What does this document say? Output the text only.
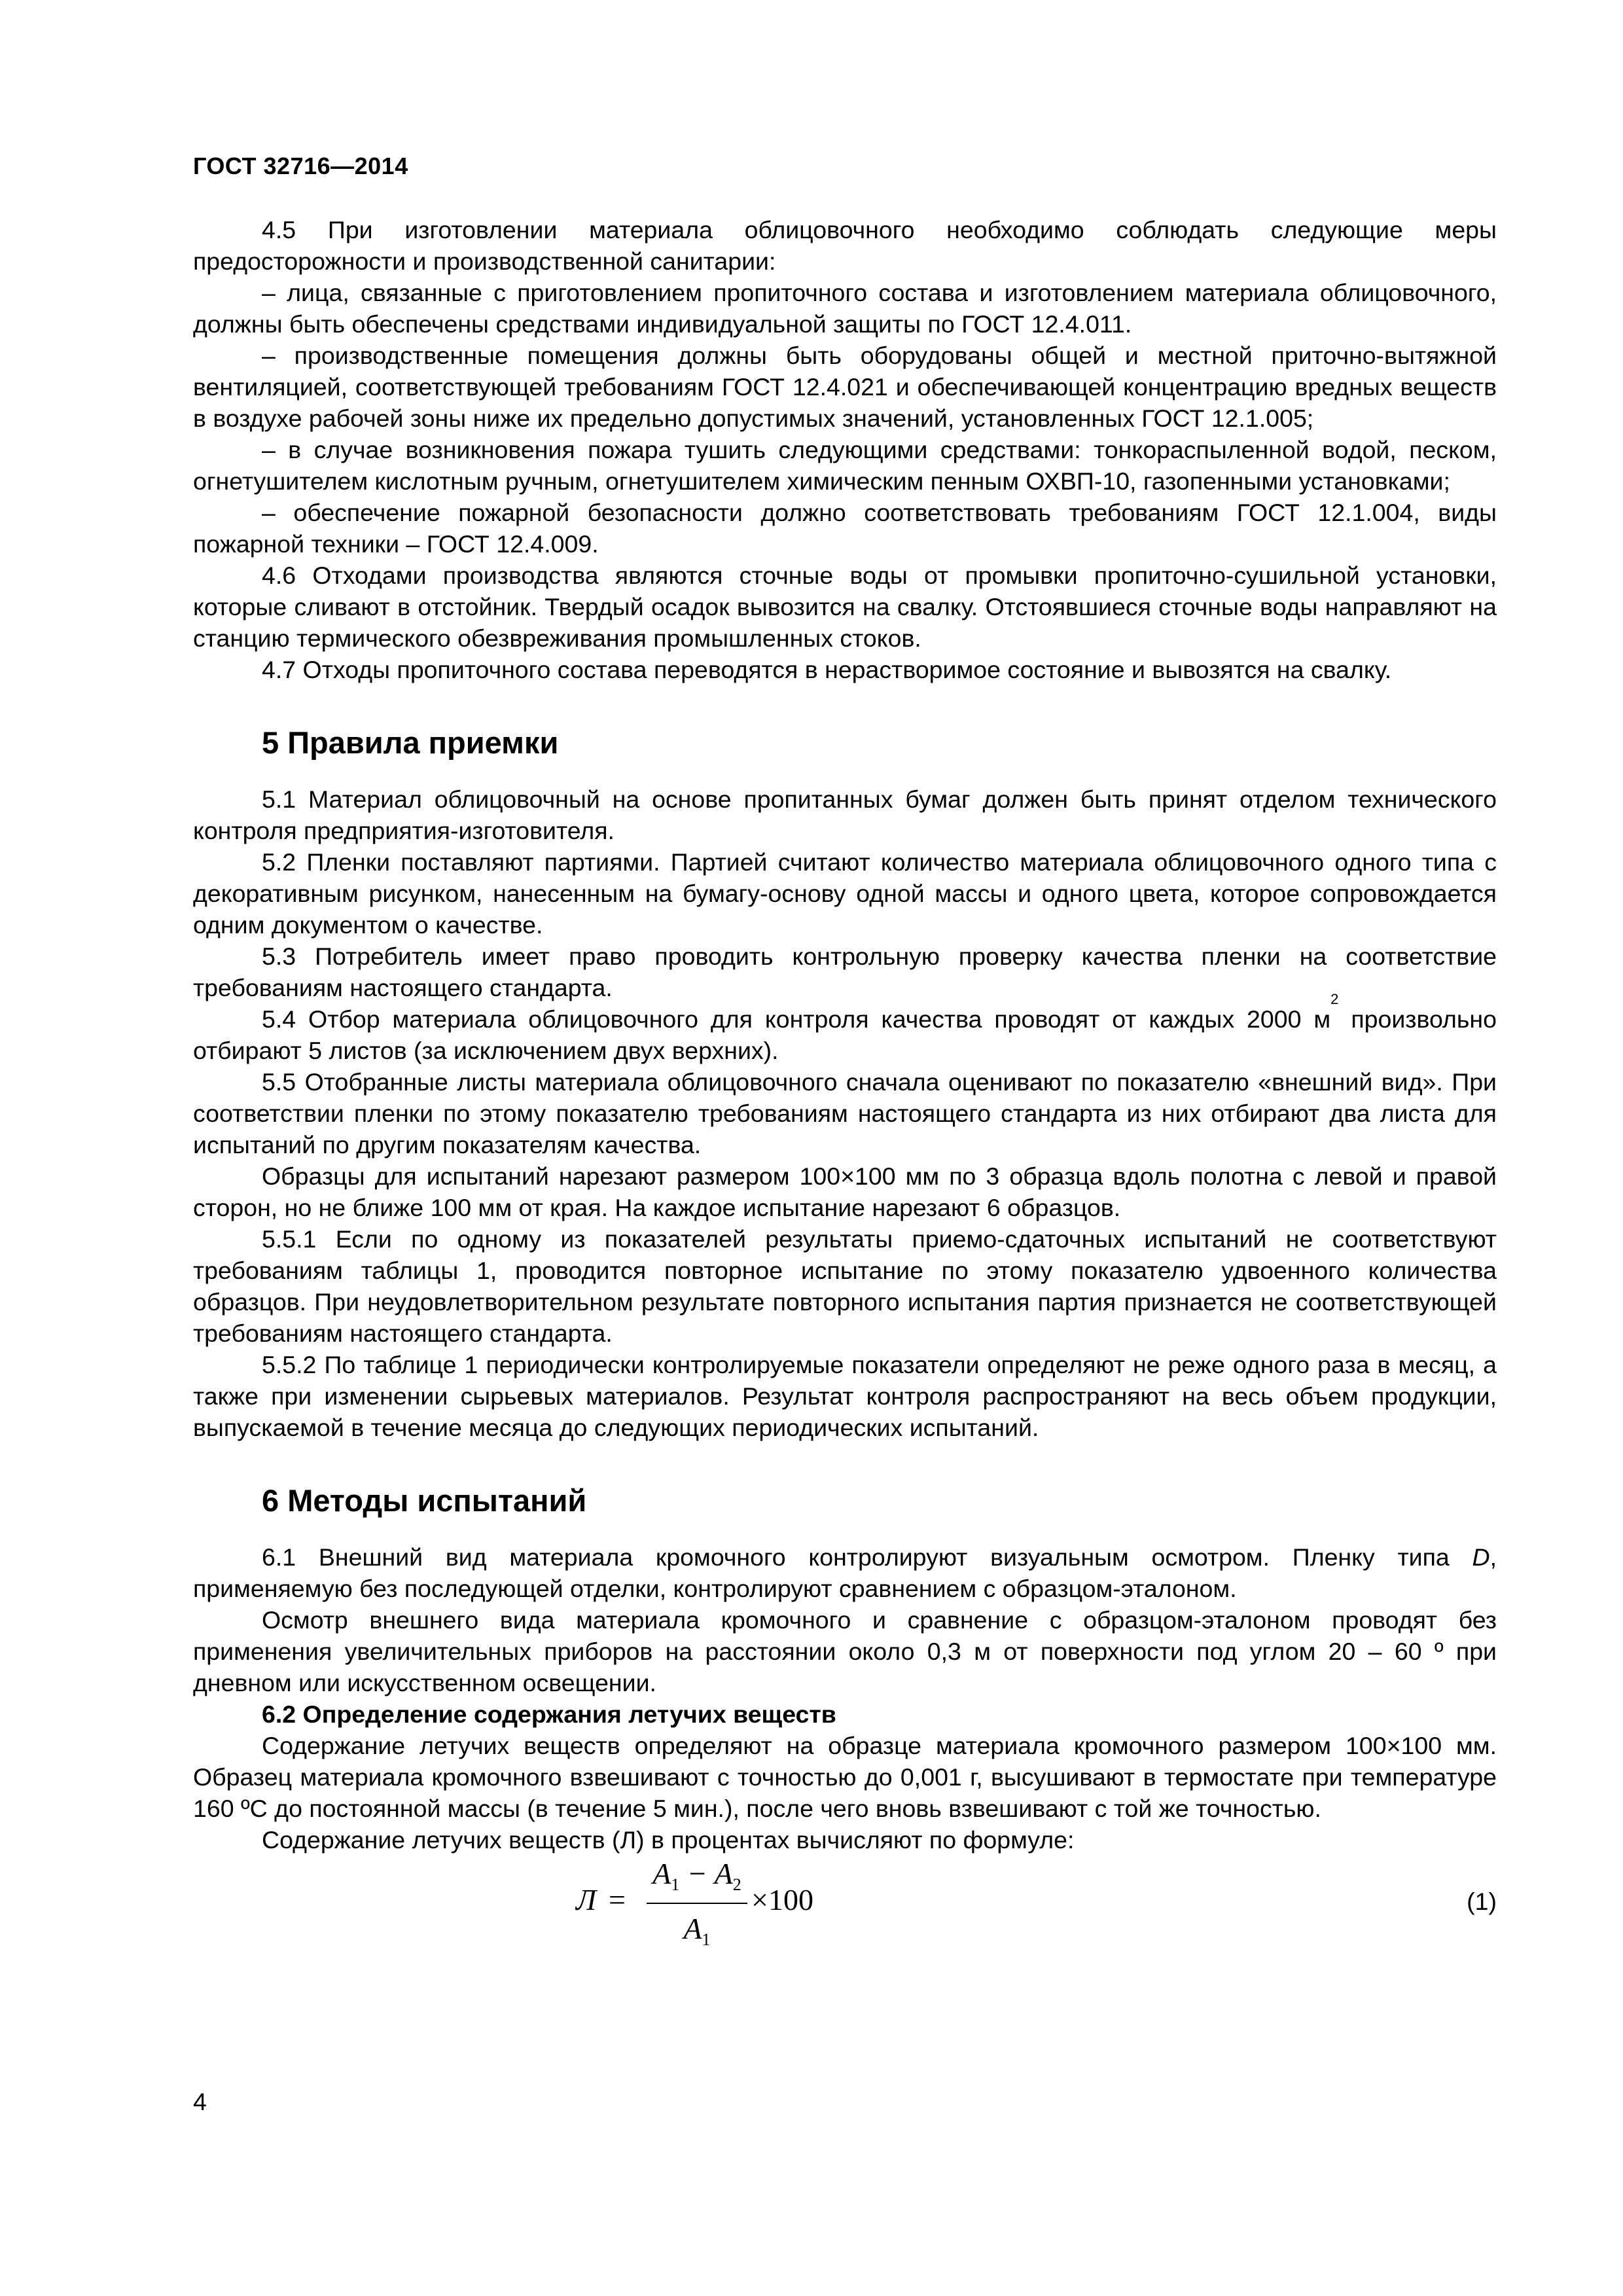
ГОСТ 32716—2014

4.5 При изготовлении материала облицовочного необходимо соблюдать следующие меры предосторожности и производственной санитарии:

– лица, связанные с приготовлением пропиточного состава и изготовлением материала облицовочного, должны быть обеспечены средствами индивидуальной защиты по ГОСТ 12.4.011.

– производственные помещения должны быть оборудованы общей и местной приточно-вытяжной вентиляцией, соответствующей требованиям ГОСТ 12.4.021 и обеспечивающей концентрацию вредных веществ в воздухе рабочей зоны ниже их предельно допустимых значений, установленных ГОСТ 12.1.005;

– в случае возникновения пожара тушить следующими средствами: тонкораспыленной водой, песком, огнетушителем кислотным ручным, огнетушителем химическим пенным ОХВП-10, газопенными установками;

– обеспечение пожарной безопасности должно соответствовать требованиям ГОСТ 12.1.004, виды пожарной техники – ГОСТ 12.4.009.

4.6 Отходами производства являются сточные воды от промывки пропиточно-сушильной установки, которые сливают в отстойник. Твердый осадок вывозится на свалку. Отстоявшиеся сточные воды направляют на станцию термического обезвреживания промышленных стоков.

4.7 Отходы пропиточного состава переводятся в нерастворимое состояние и вывозятся на свалку.

5 Правила приемки

5.1 Материал облицовочный на основе пропитанных бумаг должен быть принят отделом технического контроля предприятия-изготовителя.

5.2 Пленки поставляют партиями. Партией считают количество материала облицовочного одного типа с декоративным рисунком, нанесенным на бумагу-основу одной массы и одного цвета, которое сопровождается одним документом о качестве.

5.3 Потребитель имеет право проводить контрольную проверку качества пленки на соответствие требованиям настоящего стандарта.

5.4 Отбор материала облицовочного для контроля качества проводят от каждых 2000 $м^2$ произвольно отбирают 5 листов (за исключением двух верхних).

5.5 Отобранные листы материала облицовочного сначала оценивают по показателю «внешний вид». При соответствии пленки по этому показателю требованиям настоящего стандарта из них отбирают два листа для испытаний по другим показателям качества.

Образцы для испытаний нарезают размером 100×100 мм по 3 образца вдоль полотна с левой и правой сторон, но не ближе 100 мм от края. На каждое испытание нарезают 6 образцов.

5.5.1 Если по одному из показателей результаты приемо-сдаточных испытаний не соответствуют требованиям таблицы 1, проводится повторное испытание по этому показателю удвоенного количества образцов. При неудовлетворительном результате повторного испытания партия признается не соответствующей требованиям настоящего стандарта.

5.5.2 По таблице 1 периодически контролируемые показатели определяют не реже одного раза в месяц, а также при изменении сырьевых материалов. Результат контроля распространяют на весь объем продукции, выпускаемой в течение месяца до следующих периодических испытаний.

6 Методы испытаний

6.1 Внешний вид материала кромочного контролируют визуальным осмотром. Пленку типа D, применяемую без последующей отделки, контролируют сравнением с образцом-эталоном.

Осмотр внешнего вида материала кромочного и сравнение с образцом-эталоном проводят без применения увеличительных приборов на расстоянии около 0,3 м от поверхности под углом 20 – 60 º при дневном или искусственном освещении.

6.2 Определение содержания летучих веществ

Содержание летучих веществ определяют на образце материала кромочного размером 100×100 мм. Образец материала кромочного взвешивают с точностью до 0,001 г, высушивают в термостате при температуре 160 ºС до постоянной массы (в течение 5 мин.), после чего вновь взвешивают с той же точностью.

Содержание летучих веществ (Л) в процентах вычисляют по формуле:

Л =
$A_1 - A_2$
$A_1$
×100	(1)
4
